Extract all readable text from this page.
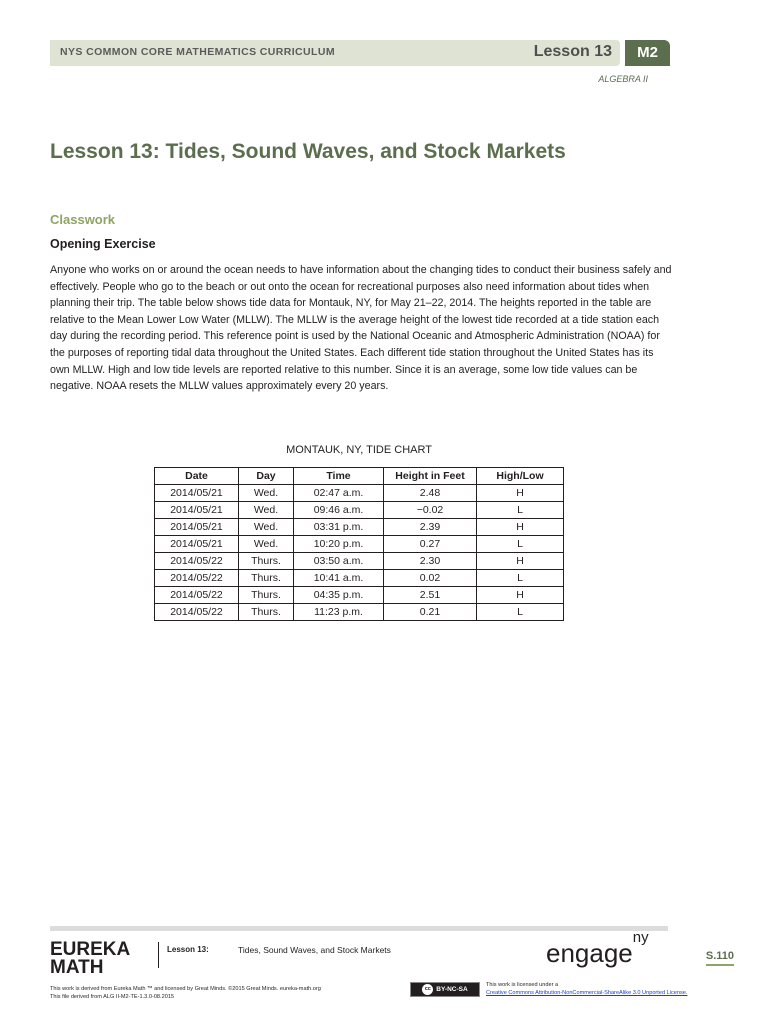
NYS COMMON CORE MATHEMATICS CURRICULUM	Lesson 13	M2
ALGEBRA II
Lesson 13: Tides, Sound Waves, and Stock Markets
Classwork
Opening Exercise

Anyone who works on or around the ocean needs to have information about the changing tides to conduct their business safely and effectively. People who go to the beach or out onto the ocean for recreational purposes also need information about tides when planning their trip. The table below shows tide data for Montauk, NY, for May 21–22, 2014. The heights reported in the table are relative to the Mean Lower Low Water (MLLW). The MLLW is the average height of the lowest tide recorded at a tide station each day during the recording period. This reference point is used by the National Oceanic and Atmospheric Administration (NOAA) for the purposes of reporting tidal data throughout the United States. Each different tide station throughout the United States has its own MLLW. High and low tide levels are reported relative to this number. Since it is an average, some low tide values can be negative. NOAA resets the MLLW values approximately every 20 years.

MONTAUK, NY, TIDE CHART
Date	Day	Time	Height in Feet	High/Low
2014/05/21	Wed.	02:47 a.m.	2.48	H
2014/05/21	Wed.	09:46 a.m.	−0.02	L
2014/05/21	Wed.	03:31 p.m.	2.39	H
2014/05/21	Wed.	10:20 p.m.	0.27	L
2014/05/22	Thurs.	03:50 a.m.	2.30	H
2014/05/22	Thurs.	10:41 a.m.	0.02	L
2014/05/22	Thurs.	04:35 p.m.	2.51	H
2014/05/22	Thurs.	11:23 p.m.	0.21	L
EUREKA
MATH
Lesson 13:	Tides, Sound Waves, and Stock Markets	engage$^{ny}$
S.110
This work is derived from Eureka Math ™ and licensed by Great Minds. ©2015 Great Minds. eureka-math.org
This file derived from ALG II-M2-TE-1.3.0-08.2015
cc BY-NC-SA
This work is licensed under a
Creative Commons Attribution-NonCommercial-ShareAlike 3.0 Unported License.
